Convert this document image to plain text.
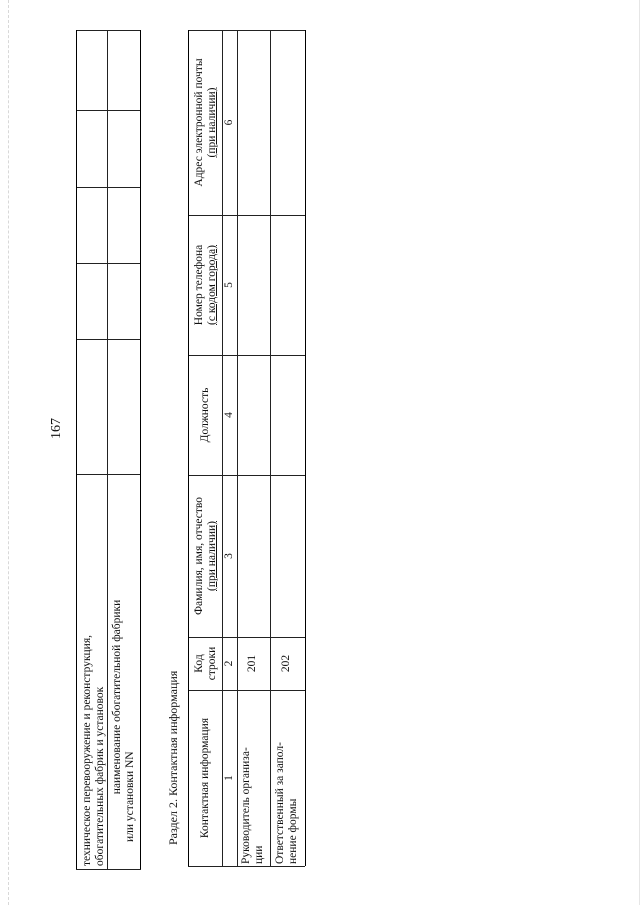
167
техническое перевооружение и реконструкция, обогатительных фабрик и установок наименование обогатительной фабрики
или установки NN	Раздел 2. Контактная информация Контактная информация
Код строки
Фамилия, имя, отчество (при наличии)
Должность
Номер телефона (с кодом города)
Адрес электронной почты (при наличии)
1
2
3
4
5
6
Руководитель организа- ции
201
Ответственный за запол- нение формы
202
